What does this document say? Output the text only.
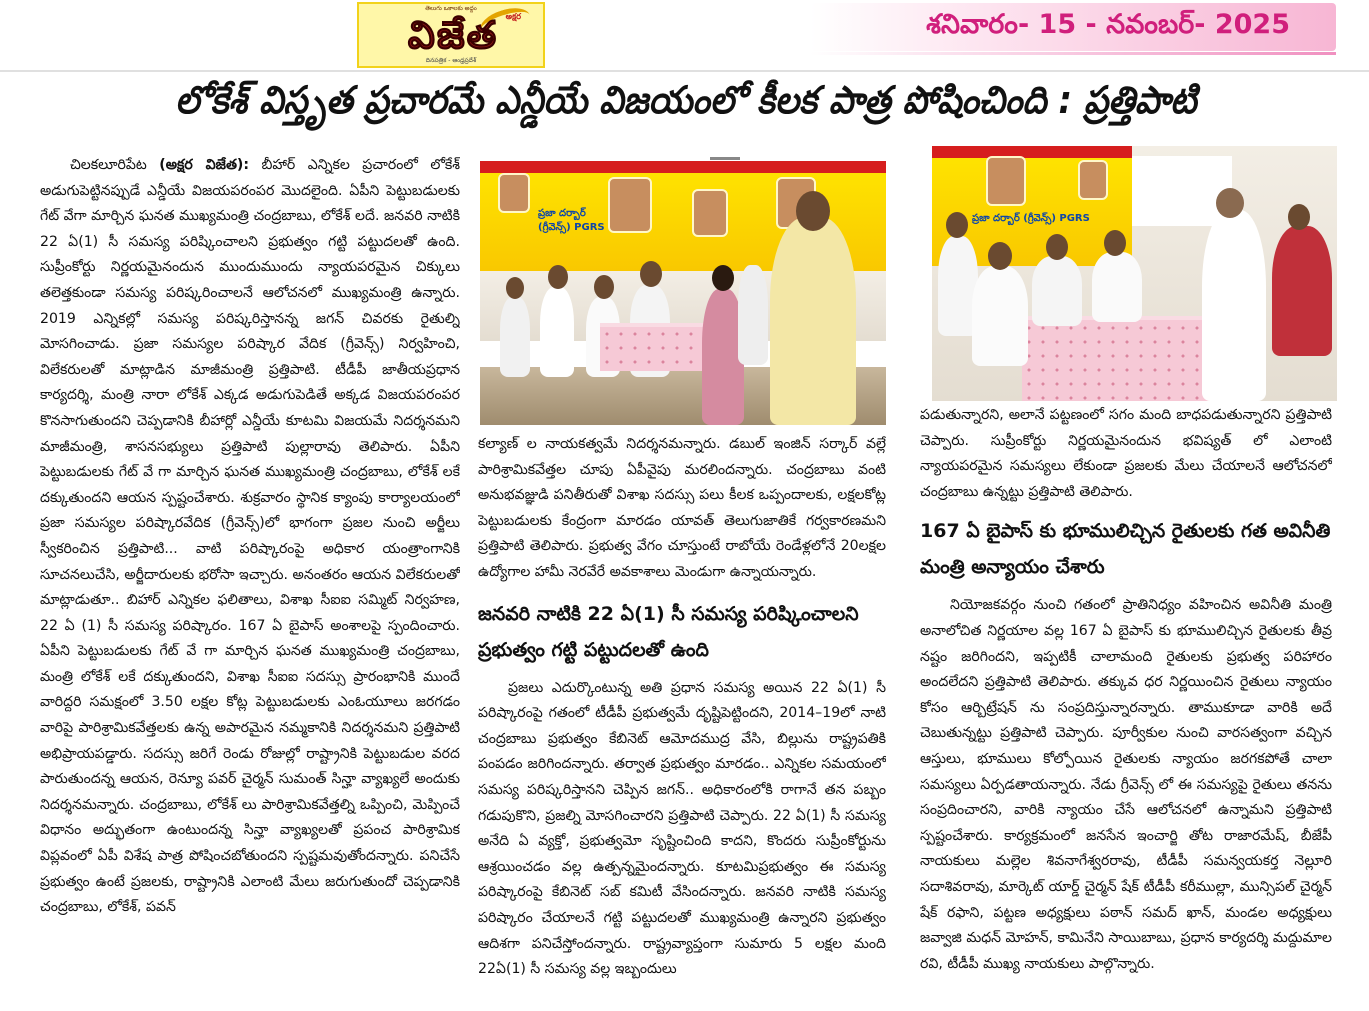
తెలుగు ఒకాలకు అద్దం
అక్షర
విజేత
దినపత్రిక - ఆంధ్రప్రదేశ్
శనివారం- 15 - నవంబర్- 2025
లోకేశ్ విస్తృత ప్రచారమే ఎన్డీయే విజయంలో కీలక పాత్ర పోషించింది : ప్రత్తిపాటి

చిలకలూరిపేట (అక్షర విజేత): బీహార్ ఎన్నికల ప్రచారంలో లోకేశ్ అడుగుపెట్టినప్పుడే ఎన్డీయే విజయపరంపర మొదలైంది. ఏపీని పెట్టుబడులకు గేట్ వేగా మార్చిన ఘనత ముఖ్యమంత్రి చంద్రబాబు, లోకేశ్ లదే. జనవరి నాటికి 22 ఏ(1) సీ సమస్య పరిష్కించాలని ప్రభుత్వం గట్టి పట్టుదలతో ఉంది. సుప్రీంకోర్టు నిర్ణయమైనందున ముందుముందు న్యాయపరమైన చిక్కులు తలెత్తకుండా సమస్య పరిష్కరించాలనే ఆలోచనలో ముఖ్యమంత్రి ఉన్నారు. 2019 ఎన్నికల్లో సమస్య పరిష్కరిస్తానన్న జగన్ చివరకు రైతుల్ని మోసగించాడు. ప్రజా సమస్యల పరిష్కార వేదిక (గ్రీవెన్స్) నిర్వహించి, విలేకరులతో మాట్లాడిన మాజీమంత్రి ప్రత్తిపాటి. టీడీపీ జాతీయప్రధాన కార్యదర్శి, మంత్రి నారా లోకేశ్ ఎక్కడ అడుగుపెడితే అక్కడ విజయపరంపర కొనసాగుతుందని చెప్పడానికి బీహార్లో ఎన్డీయే కూటమి విజయమే నిదర్శనమని మాజీమంత్రి, శాసనసభ్యులు ప్రత్తిపాటి పుల్లారావు తెలిపారు. ఏపీని పెట్టుబడులకు గేట్ వే గా మార్చిన ఘనత ముఖ్యమంత్రి చంద్రబాబు, లోకేశ్ లకే దక్కుతుందని ఆయన స్పష్టంచేశారు. శుక్రవారం స్థానిక క్యాంపు కార్యాలయంలో ప్రజా సమస్యల పరిష్కారవేదిక (గ్రీవెన్స్)లో భాగంగా ప్రజల నుంచి అర్జీలు స్వీకరించిన ప్రత్తిపాటి... వాటి పరిష్కారంపై అధికార యంత్రాంగానికి సూచనలుచేసి, అర్జీదారులకు భరోసా ఇచ్చారు. అనంతరం ఆయన విలేకరులతో మాట్లాడుతూ.. బిహార్ ఎన్నికల ఫలితాలు, విశాఖ సీఐఐ సమ్మిట్ నిర్వహణ, 22 ఏ (1) సీ సమస్య పరిష్కారం. 167 ఏ బైపాస్ అంశాలపై స్పందించారు. ఏపీని పెట్టుబడులకు గేట్ వే గా మార్చిన ఘనత ముఖ్యమంత్రి చంద్రబాబు, మంత్రి లోకేశ్ లకే దక్కుతుందని, విశాఖ సీఐఐ సదస్సు ప్రారంభానికి ముందే వారిద్దరి సమక్షంలో 3.50 లక్షల కోట్ల పెట్టుబడులకు ఎంఓయూలు జరగడం వారిపై పారిశ్రామికవేత్తలకు ఉన్న అపారమైన నమ్మకానికి నిదర్శనమని ప్రత్తిపాటి అభిప్రాయపడ్డారు. సదస్సు జరిగే రెండు రోజుల్లో రాష్ట్రానికి పెట్టుబడుల వరద పారుతుందన్న ఆయన, రెన్యూ పవర్ చైర్మన్ సుమంత్ సిన్హా వ్యాఖ్యలే అందుకు నిదర్శనమన్నారు. చంద్రబాబు, లోకేశ్ లు పారిశ్రామికవేత్తల్ని ఒప్పించి, మెప్పించే విధానం అద్భుతంగా ఉంటుందన్న సిన్హా వ్యాఖ్యలతో ప్రపంచ పారిశ్రామిక విప్లవంలో ఏపీ విశేష పాత్ర పోషించబోతుందని స్పష్టమవుతోందన్నారు. పనిచేసే ప్రభుత్వం ఉంటే ప్రజలకు, రాష్ట్రానికి ఎలాంటి మేలు జరుగుతుందో చెప్పడానికి చంద్రబాబు, లోకేశ్, పవన్

ప్రజా దర్బార్ (గ్రీవెన్స్) PGRS

కల్యాణ్ ల నాయకత్వమే నిదర్శనమన్నారు. డబుల్ ఇంజిన్ సర్కార్ వల్లే పారిశ్రామికవేత్తల చూపు ఏపీవైపు మరలిందన్నారు. చంద్రబాబు వంటి అనుభవజ్ఞుడి పనితీరుతో విశాఖ సదస్సు పలు కీలక ఒప్పందాలకు, లక్షలకోట్ల పెట్టుబడులకు కేంద్రంగా మారడం యావత్ తెలుగుజాతికే గర్వకారణమని ప్రత్తిపాటి తెలిపారు. ప్రభుత్వ వేగం చూస్తుంటే రాబోయే రెండేళ్లలోనే 20లక్షల ఉద్యోగాల హామీ నెరవేరే అవకాశాలు మెండుగా ఉన్నాయన్నారు.

జనవరి నాటికి 22 ఏ(1) సీ సమస్య పరిష్కించాలని ప్రభుత్వం గట్టి పట్టుదలతో ఉంది

ప్రజలు ఎదుర్కొంటున్న అతి ప్రధాన సమస్య అయిన 22 ఏ(1) సీ పరిష్కారంపై గతంలో టీడీపీ ప్రభుత్వమే దృష్టిపెట్టిందని, 2014–19లో నాటి చంద్రబాబు ప్రభుత్వం కేబినెట్ ఆమోదముద్ర వేసి, బిల్లును రాష్ట్రపతికి పంపడం జరిగిందన్నారు. తర్వాత ప్రభుత్వం మారడం.. ఎన్నికల సమయంలో సమస్య పరిష్కరిస్తానని చెప్పిన జగన్.. అధికారంలోకి రాగానే తన పబ్బం గడుపుకొని, ప్రజల్ని మోసగించారని ప్రత్తిపాటి చెప్పారు. 22 ఏ(1) సీ సమస్య అనేది ఏ వ్యక్తో, ప్రభుత్వమో సృష్టించింది కాదని, కొందరు సుప్రీంకోర్టును ఆశ్రయించడం వల్ల ఉత్పన్నమైందన్నారు. కూటమిప్రభుత్వం ఈ సమస్య పరిష్కారంపై కేబినెట్ సబ్ కమిటీ వేసిందన్నారు. జనవరి నాటికి సమస్య పరిష్కారం చేయాలనే గట్టి పట్టుదలతో ముఖ్యమంత్రి ఉన్నారని ప్రభుత్వం ఆదిశగా పనిచేస్తోందన్నారు. రాష్ట్రవ్యాప్తంగా సుమారు 5 లక్షల మంది 22ఏ(1) సీ సమస్య వల్ల ఇబ్బందులు

ప్రజా దర్బార్ (గ్రీవెన్స్) PGRS

పడుతున్నారని, అలానే పట్టణంలో సగం మంది బాధపడుతున్నారని ప్రత్తిపాటి చెప్పారు. సుప్రీంకోర్టు నిర్ణయమైనందున భవిష్యత్ లో ఎలాంటి న్యాయపరమైన సమస్యలు లేకుండా ప్రజలకు మేలు చేయాలనే ఆలోచనలో చంద్రబాబు ఉన్నట్టు ప్రత్తిపాటి తెలిపారు.

167 ఏ బైపాస్ కు భూములిచ్చిన రైతులకు గత అవినీతి మంత్రి అన్యాయం చేశారు

నియోజకవర్గం నుంచి గతంలో ప్రాతినిధ్యం వహించిన అవినీతి మంత్రి అనాలోచిత నిర్ణయాల వల్ల 167 ఏ బైపాస్ కు భూములిచ్చిన రైతులకు తీవ్ర నష్టం జరిగిందని, ఇప్పటికీ చాలామంది రైతులకు ప్రభుత్వ పరిహారం అందలేదని ప్రత్తిపాటి తెలిపారు. తక్కువ ధర నిర్ణయించిన రైతులు న్యాయం కోసం ఆర్బిట్రేషన్ ను సంప్రదిస్తున్నారన్నారు. తాముకూడా వారికి అదే చెబుతున్నట్టు ప్రత్తిపాటి చెప్పారు. పూర్వీకుల నుంచి వారసత్వంగా వచ్చిన ఆస్తులు, భూములు కోల్పోయిన రైతులకు న్యాయం జరగకపోతే చాలా సమస్యలు ఏర్పడతాయన్నారు. నేడు గ్రీవెన్స్ లో ఈ సమస్యపై రైతులు తనను సంప్రదించారని, వారికి న్యాయం చేసే ఆలోచనలో ఉన్నామని ప్రత్తిపాటి స్పష్టంచేశారు. కార్యక్రమంలో జనసేన ఇంచార్జి తోట రాజారమేష్, బీజేపీ నాయకులు మల్లెల శివనాగేశ్వరరావు, టీడీపీ సమన్వయకర్త నెల్లూరి సదాశివరావు, మార్కెట్ యార్డ్ చైర్మన్ షేక్ టీడీపీ కరీముల్లా, మున్సిపల్ చైర్మన్ షేక్ రఫాని, పట్టణ అధ్యక్షులు పఠాన్ సమద్ ఖాన్, మండల అధ్యక్షులు జవ్వాజి మధన్ మోహన్, కామినేని సాయిబాబు, ప్రధాన కార్యదర్శి మద్దుమాల రవి, టీడీపీ ముఖ్య నాయకులు పాల్గొన్నారు.
